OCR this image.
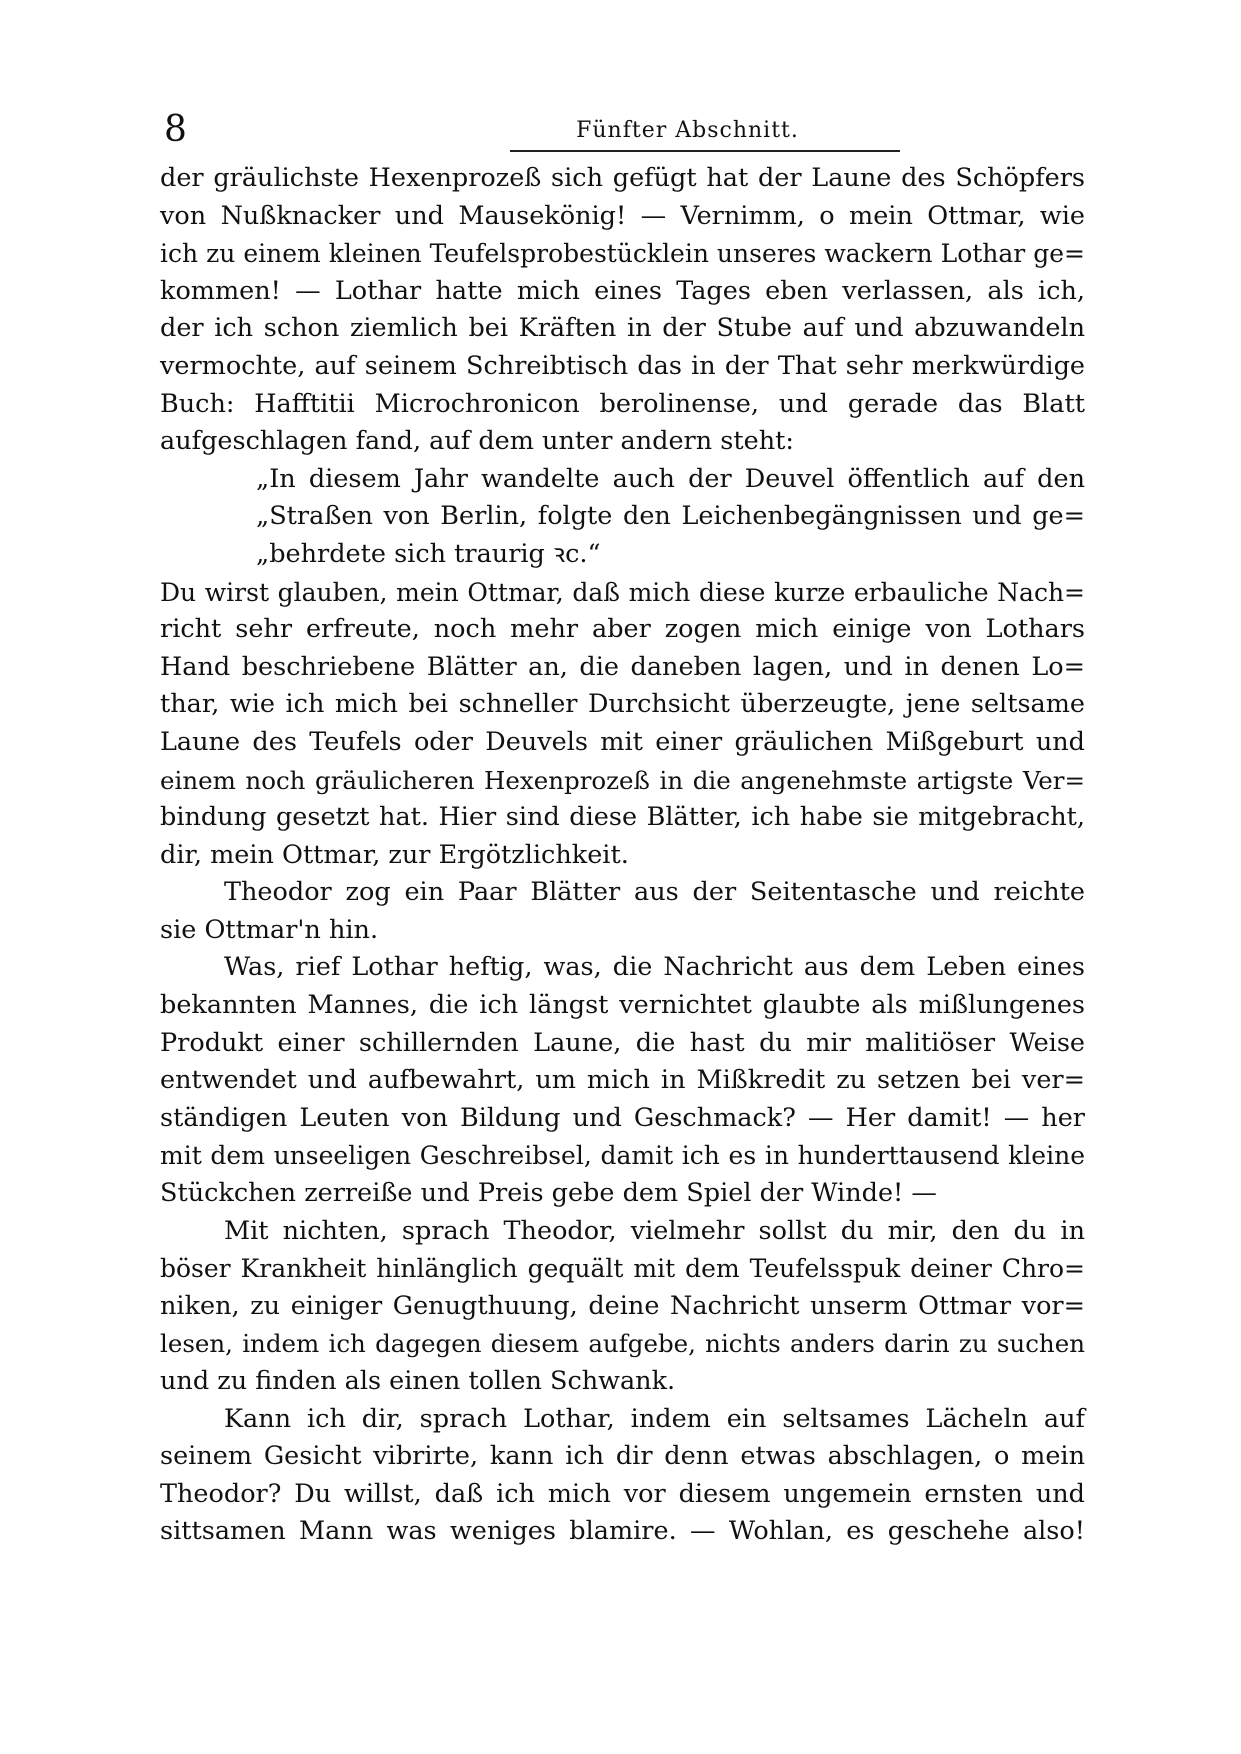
8	Fünfter Abschnitt.
der gräulichste Hexenprozeß sich gefügt hat der Laune des Schöpfers
von Nußknacker und Mausekönig! — Vernimm, o mein Ottmar, wie
ich zu einem kleinen Teufelsprobestücklein unseres wackern Lothar ge=
kommen! — Lothar hatte mich eines Tages eben verlassen, als ich,
der ich schon ziemlich bei Kräften in der Stube auf und abzuwandeln
vermochte, auf seinem Schreibtisch das in der That sehr merkwürdige
Buch: Hafftitii Microchronicon berolinense, und gerade das Blatt
aufgeschlagen fand, auf dem unter andern steht:
„In diesem Jahr wandelte auch der Deuvel öffentlich auf den
„Straßen von Berlin, folgte den Leichenbegängnissen und ge=
„behrdete sich traurig ꝛc.“
Du wirst glauben, mein Ottmar, daß mich diese kurze erbauliche Nach=
richt sehr erfreute, noch mehr aber zogen mich einige von Lothars
Hand beschriebene Blätter an, die daneben lagen, und in denen Lo=
thar, wie ich mich bei schneller Durchsicht überzeugte, jene seltsame
Laune des Teufels oder Deuvels mit einer gräulichen Mißgeburt und
einem noch gräulicheren Hexenprozeß in die angenehmste artigste Ver=
bindung gesetzt hat. Hier sind diese Blätter, ich habe sie mitgebracht,
dir, mein Ottmar, zur Ergötzlichkeit.
Theodor zog ein Paar Blätter aus der Seitentasche und reichte
sie Ottmar'n hin.
Was, rief Lothar heftig, was, die Nachricht aus dem Leben eines
bekannten Mannes, die ich längst vernichtet glaubte als mißlungenes
Produkt einer schillernden Laune, die hast du mir malitiöser Weise
entwendet und aufbewahrt, um mich in Mißkredit zu setzen bei ver=
ständigen Leuten von Bildung und Geschmack? — Her damit! — her
mit dem unseeligen Geschreibsel, damit ich es in hunderttausend kleine
Stückchen zerreiße und Preis gebe dem Spiel der Winde! —
Mit nichten, sprach Theodor, vielmehr sollst du mir, den du in
böser Krankheit hinlänglich gequält mit dem Teufelsspuk deiner Chro=
niken, zu einiger Genugthuung, deine Nachricht unserm Ottmar vor=
lesen, indem ich dagegen diesem aufgebe, nichts anders darin zu suchen
und zu finden als einen tollen Schwank.
Kann ich dir, sprach Lothar, indem ein seltsames Lächeln auf
seinem Gesicht vibrirte, kann ich dir denn etwas abschlagen, o mein
Theodor? Du willst, daß ich mich vor diesem ungemein ernsten und
sittsamen Mann was weniges blamire. — Wohlan, es geschehe also!
